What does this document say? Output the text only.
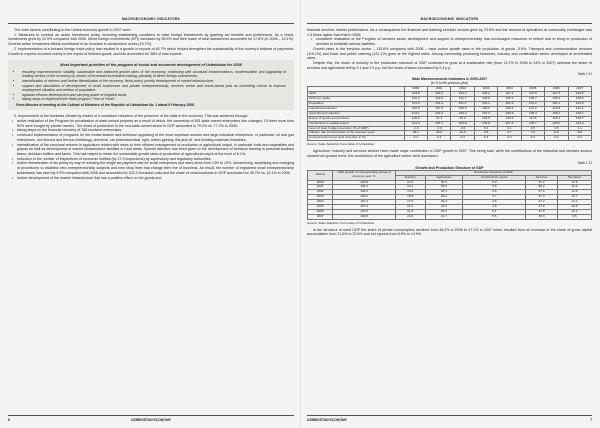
MACROECONOMIC INDICATORS

The main factors contributing to the Uzbek economy growth in 2007 were:

1. Measures to conduct an active investment policy, including establishing conditions to raise foreign investments by granting tax benefits and preferences. As a result, investments grew by 22.9% compared with 2006. Direct foreign investments (DFI) increased by 56.5% and their share of total investments accounted for 17.8% (in 2006 – 14.1%). General active investment efforts contributed to an increase in construction works (15.7%).

2. Implementation of a focused foreign trade policy has resulted in a growth in exports of 40.7% which helped strengthen the sustainability of the country's balance of payments. Growth in exports occurred mainly in the export of finished goods, and this accounted for 38% of total exports.

Most important priorities of the program of social and economic development of Uzbekistan for 2008
• ensuring macroeconomic stability, sustainable and balanced growth rates of the economy, continuing with structural transformations, modernization and upgrading of leading sectors of the economy by means of increased investment making, primarily of direct foreign investments;
• intensification of reforms and further liberalization of the economy, fiscal policy, priority development of market infrastructure;
• support and stimulation of development of small businesses and private entrepreneurship, services sector and home-based jobs as overriding course to improve employment situation and welfare of population;
• agrarian reforms development and carrying power of irrigated lands;
• taking steps to implement the State program "Year of Youth".
From Minutes of meeting at the Cabinet of Ministers of the Republic of Uzbekistan No. 1 dated 8 February 2008.

3. Improvement of the business climate by means of a consistent reduction of the presence of the state in the economy. This was achieved through:

• active realization of the Program for privatization of state-owned property as a result of which, the ownership of 831 state-owned enterprises has changed. Of them more than 53% were bought by private owners. The share of production in the non-state-owned sector in GDP amounted to 79.3% vs. 77.2% in 2006;
• taking steps on the financial recovery of 288 insolvent enterprises;
• continued implementation of programs for the modernization and technical upgrading of the most important sectors and large industrial enterprises. In particular: oil and gas enterprises, non-ferrous and ferrous metallurgy, chemical, car pharmaceutical, light, cotton-ginning, flat-and-oil, and building materials industries;
• intensification of the structural reforms in agriculture related with steps to form efficient management of production of agricultural output, in particular fruits and vegetables and grapes as well as development of market infrastructure facilities in rural areas. Special attention has been given to the development of livestock farming in personal auxiliary farms, dekhkan entities and farms. This has helped to retain the sustainable growth rates of production of agricultural output at the level of 6.1%;
• reduction in the number of inspections of economic entities (by 17.9 inspections) by supervisory and regulatory authorities;
• further liberalization of tax policy by way of reducing the single tax payment rate for small enterprises and micro-firms from 13% to 10%, streamlining, simplifying and changing of procedures to establish new entrepreneurship subjects and new shop lines that change their line of business. As result, the number of registered small entrepreneurship businesses has risen by 9.9% compared with 2006 and accounted for 422.3 thousand units and the share of small business in GDP accounted for 45.7% vs. 42.1% in 2006;
• further development of the market infrastructure that has a positive effect on the goods and
6	UZBEKISTAN ECONOMY
MACROECONOMIC INDICATORS

financial services market performance. As a consequence the financial and banking services sectors grew by 23.8% and the amount of operations at commodity exchanges was 1.5 times higher than that in 2006;

• consistent realization of the Program of services sector development and support to entrepreneurship that encourages resources to relieve and to bring to production of services to establish service facilities.

Growth rates in the services sector – 115.6% compared with 2006 – have outrun growth rates in the production of goods -5.6%. Transport and communication services (115.1%) and trade and public catering (122.1%) grew at the highest rates. Among commodity producing branches, industry and construction sector developed at accelerated rates.

Despite this, the share of industry in the production structure of GDP continued to grow at a sustainable rate (from 22.1% in 2006 to 24% in 2007) whereas the share of services and agriculture fell by 0.1 and 2.9 p.p. but the share of taxes increased by 0.3 p.p.

Table 1.11
Main Macroeconomic Indicators in 2000-2007
(in % to the previous year)
	2000	2001	2002	2003	2004	2005	2006	2007
GDP	103.8	104.2	104.0	104.2	107.4	107.0	107.3	109.5
GDP per capita	102.4	102.9	102.7	103.0	106.2	105.7	106.2	108.0
Population	101.5	101.2	101.2	101.1	101.2	101.2	101.1	101.5
Industrial production	105.9	107.6	108.3	106.0	109.4	107.2	110.8	112.1
Agricultural production	103.1	104.2	106.0	107.3	109.9	105.4	106.1	106.1
Export of goods and services	100.0	97.1	94.3	124.6	130.2	111.5	118.1	140.7
Investments in capital assets	101.0	104.1	103.8	104.8	107.3	105.7	109.2	122.9
Level of state budget execution (% of GDP)	-1.0	-1.0	-0.6	0.4	0.1	0.5	1.5	1.1
Inflation rate (to December of the previous year)	28.2	26.6	21.6	3.8	3.7	7.8	6.8	6.8
Unemployment level (end of period, in %)	0.4	0.4	0.4	0.3	0.4	0.3	0.2	0.2
Source: State Statistics Committee of Uzbekistan

Agriculture, industry and services sectors have made major contribution to GDP growth in 2007. This being said, while the contributions of the industrial and services sectors showed an upward trend, the contribution of the agriculture sector went downward.

Table 1.12
Growth and Production Structure of GDP
Period	GDP growth in corresponding period of previous year, %	Production structure of GDP				
		Industry	Agriculture	Construction sector	Services	Net taxes
2000	103.8	14.2	30.1	6.0	37.2	12.5
2001	104.2	14.1	30.0	5.8	38.2	11.9
2002	104.0	14.5	30.1	4.9	37.9	12.6
2003	104.2	15.8	28.4	4.7	37.4	13.7
2004	107.4	17.5	26.4	4.8	37.2	14.1
2005	107.0	21.1	26.3	4.8	37.2	10.6
2006	107.5	21.8	25.1	5.1	37.9	10.1
2007	109.5	24.0	21.7	5.5	38.0	9.5
Source: State Statistics Committee of Uzbekistan

In the structure of used GDP the share of private consumption declined from 48.2% in 2006 to 47.1% in 2007 which resulted from an increase in the share of gross capital accumulation from 21.6% to 22.6% and net exports from 8.9% to 14.9%.

7
UZBEKISTAN ECONOMY
